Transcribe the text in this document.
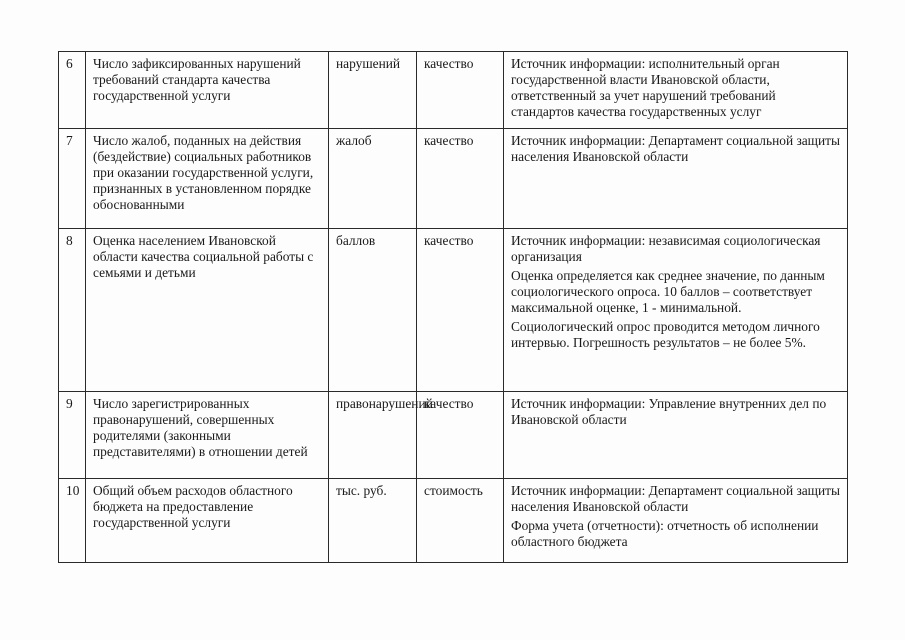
6	Число зафиксированных нарушений требований стандарта качества государственной услуги	нарушений	качество	Источник информации: исполнительный орган государственной власти Ивановской области, ответственный за учет нарушений требований стандартов качества государственных услуг

7	Число жалоб, поданных на действия (бездействие) социальных работников при оказании государственной услуги, признанных в установленном порядке обоснованными	жалоб	качество	Источник информации: Департамент социальной защиты населения Ивановской области

8	Оценка населением Ивановской области качества социальной работы с семьями и детьми	баллов	качество	Источник информации: независимая социологическая организация

Оценка определяется как среднее значение, по данным социологического опроса. 10 баллов – соответствует максимальной оценке, 1 - минимальной.

Социологический опрос проводится методом личного интервью. Погрешность результатов – не более 5%.

9	Число зарегистрированных правонарушений, совершенных родителями (законными представителями) в отношении детей	правонарушений	качество	Источник информации: Управление внутренних дел по Ивановской области

10	Общий объем расходов областного бюджета на предоставление государственной услуги	тыс. руб.	стоимость	Источник информации: Департамент социальной защиты населения Ивановской области

Форма учета (отчетности): отчетность об исполнении областного бюджета
